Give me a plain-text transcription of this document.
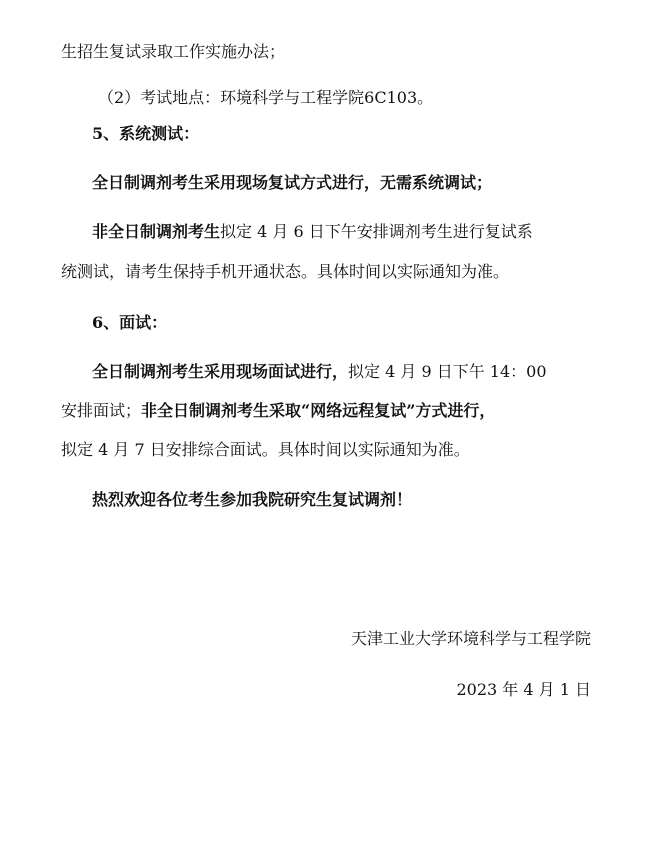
生招生复试录取工作实施办法；
（2）考试地点：环境科学与工程学院6C103。
5、系统测试：
全日制调剂考生采用现场复试方式进行，无需系统调试；
非全日制调剂考生拟定 4 月 6 日下午安排调剂考生进行复试系
统测试，请考生保持手机开通状态。具体时间以实际通知为准。
6、面试：
全日制调剂考生采用现场面试进行，拟定 4 月 9 日下午 14：00
安排面试；非全日制调剂考生采取“网络远程复试”方式进行，
拟定 4 月 7 日安排综合面试。具体时间以实际通知为准。
热烈欢迎各位考生参加我院研究生复试调剂！
天津工业大学环境科学与工程学院
2023 年 4 月 1 日
